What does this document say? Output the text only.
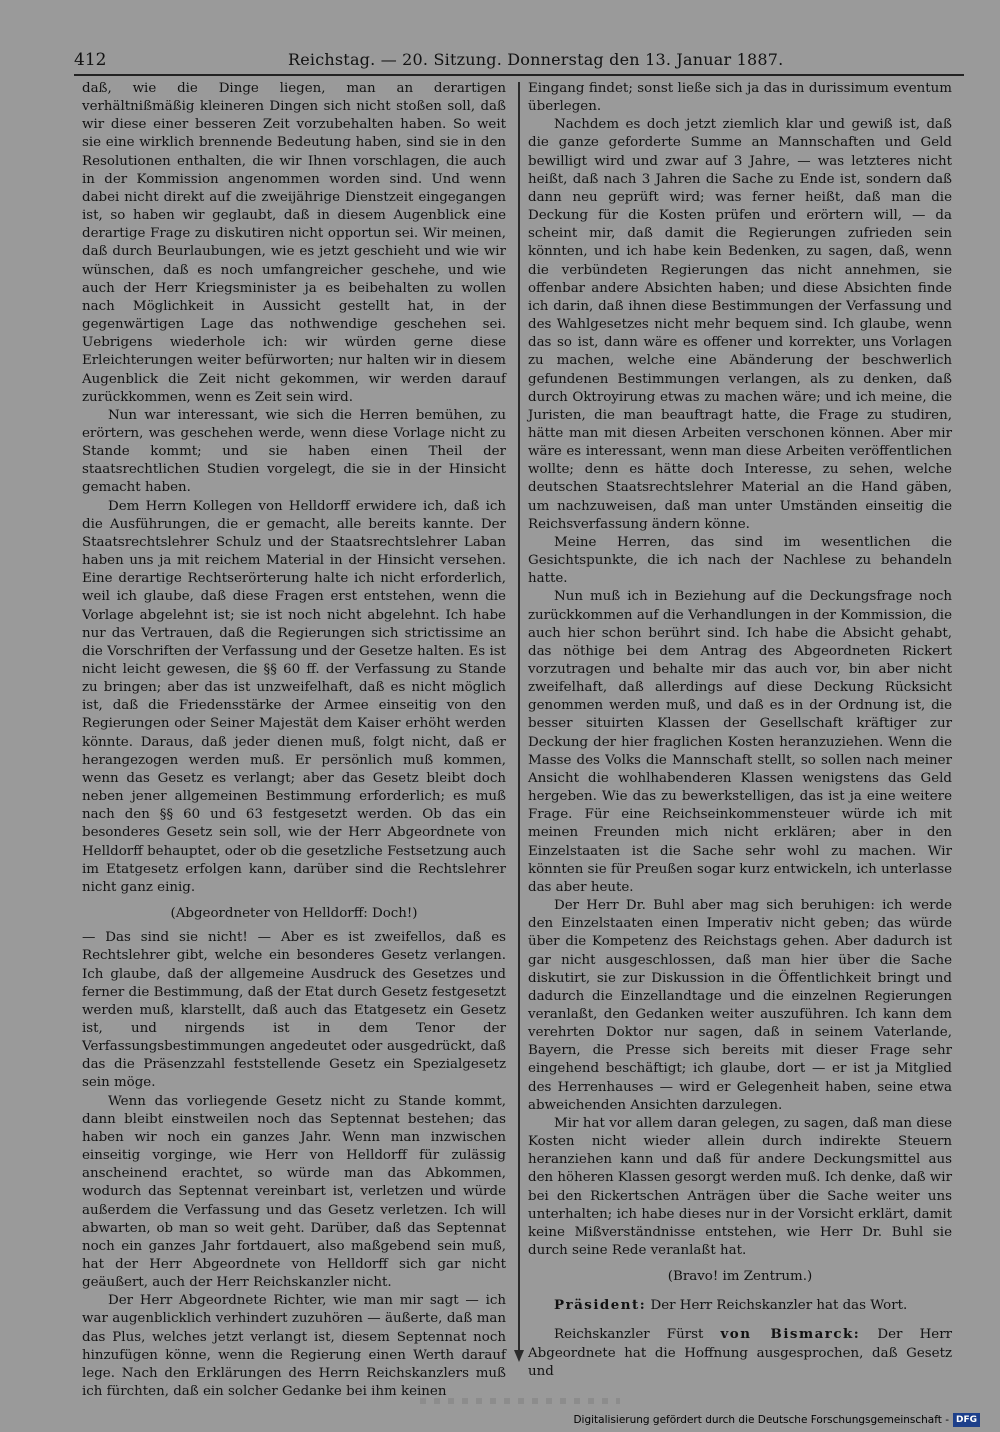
412	Reichstag. — 20. Sitzung. Donnerstag den 13. Januar 1887.

daß, wie die Dinge liegen, man an derartigen verhältnißmäßig kleineren Dingen sich nicht stoßen soll, daß wir diese einer besseren Zeit vorzubehalten haben. So weit sie eine wirklich brennende Bedeutung haben, sind sie in den Resolutionen enthalten, die wir Ihnen vorschlagen, die auch in der Kommission angenommen worden sind. Und wenn dabei nicht direkt auf die zweijährige Dienstzeit eingegangen ist, so haben wir geglaubt, daß in diesem Augenblick eine derartige Frage zu diskutiren nicht opportun sei. Wir meinen, daß durch Beurlaubungen, wie es jetzt geschieht und wie wir wünschen, daß es noch umfangreicher geschehe, und wie auch der Herr Kriegsminister ja es beibehalten zu wollen nach Möglichkeit in Aussicht gestellt hat, in der gegenwärtigen Lage das nothwendige geschehen sei. Uebrigens wiederhole ich: wir würden gerne diese Erleichterungen weiter befürworten; nur halten wir in diesem Augenblick die Zeit nicht gekommen, wir werden darauf zurückkommen, wenn es Zeit sein wird.

Nun war interessant, wie sich die Herren bemühen, zu erörtern, was geschehen werde, wenn diese Vorlage nicht zu Stande kommt; und sie haben einen Theil der staatsrechtlichen Studien vorgelegt, die sie in der Hinsicht gemacht haben.

Dem Herrn Kollegen von Helldorff erwidere ich, daß ich die Ausführungen, die er gemacht, alle bereits kannte. Der Staatsrechtslehrer Schulz und der Staatsrechtslehrer Laban haben uns ja mit reichem Material in der Hinsicht versehen. Eine derartige Rechtserörterung halte ich nicht erforderlich, weil ich glaube, daß diese Fragen erst entstehen, wenn die Vorlage abgelehnt ist; sie ist noch nicht abgelehnt. Ich habe nur das Vertrauen, daß die Regierungen sich strictissime an die Vorschriften der Verfassung und der Gesetze halten. Es ist nicht leicht gewesen, die §§ 60 ff. der Verfassung zu Stande zu bringen; aber das ist unzweifelhaft, daß es nicht möglich ist, daß die Friedensstärke der Armee einseitig von den Regierungen oder Seiner Majestät dem Kaiser erhöht werden könnte. Daraus, daß jeder dienen muß, folgt nicht, daß er herangezogen werden muß. Er persönlich muß kommen, wenn das Gesetz es verlangt; aber das Gesetz bleibt doch neben jener allgemeinen Bestimmung erforderlich; es muß nach den §§ 60 und 63 festgesetzt werden. Ob das ein besonderes Gesetz sein soll, wie der Herr Abgeordnete von Helldorff behauptet, oder ob die gesetzliche Festsetzung auch im Etatgesetz erfolgen kann, darüber sind die Rechtslehrer nicht ganz einig.

(Abgeordneter von Helldorff: Doch!)

— Das sind sie nicht! — Aber es ist zweifellos, daß es Rechtslehrer gibt, welche ein besonderes Gesetz verlangen. Ich glaube, daß der allgemeine Ausdruck des Gesetzes und ferner die Bestimmung, daß der Etat durch Gesetz festgesetzt werden muß, klarstellt, daß auch das Etatgesetz ein Gesetz ist, und nirgends ist in dem Tenor der Verfassungsbestimmungen angedeutet oder ausgedrückt, daß das die Präsenzzahl feststellende Gesetz ein Spezialgesetz sein möge.

Wenn das vorliegende Gesetz nicht zu Stande kommt, dann bleibt einstweilen noch das Septennat bestehen; das haben wir noch ein ganzes Jahr. Wenn man inzwischen einseitig vorginge, wie Herr von Helldorff für zulässig anscheinend erachtet, so würde man das Abkommen, wodurch das Septennat vereinbart ist, verletzen und würde außerdem die Verfassung und das Gesetz verletzen. Ich will abwarten, ob man so weit geht. Darüber, daß das Septennat noch ein ganzes Jahr fortdauert, also maßgebend sein muß, hat der Herr Abgeordnete von Helldorff sich gar nicht geäußert, auch der Herr Reichskanzler nicht.

Der Herr Abgeordnete Richter, wie man mir sagt — ich war augenblicklich verhindert zuzuhören — äußerte, daß man das Plus, welches jetzt verlangt ist, diesem Septennat noch hinzufügen könne, wenn die Regierung einen Werth darauf lege. Nach den Erklärungen des Herrn Reichskanzlers muß ich fürchten, daß ein solcher Gedanke bei ihm keinen

Eingang findet; sonst ließe sich ja das in durissimum eventum überlegen.

Nachdem es doch jetzt ziemlich klar und gewiß ist, daß die ganze geforderte Summe an Mannschaften und Geld bewilligt wird und zwar auf 3 Jahre, — was letzteres nicht heißt, daß nach 3 Jahren die Sache zu Ende ist, sondern daß dann neu geprüft wird; was ferner heißt, daß man die Deckung für die Kosten prüfen und erörtern will, — da scheint mir, daß damit die Regierungen zufrieden sein könnten, und ich habe kein Bedenken, zu sagen, daß, wenn die verbündeten Regierungen das nicht annehmen, sie offenbar andere Absichten haben; und diese Absichten finde ich darin, daß ihnen diese Bestimmungen der Verfassung und des Wahlgesetzes nicht mehr bequem sind. Ich glaube, wenn das so ist, dann wäre es offener und korrekter, uns Vorlagen zu machen, welche eine Abänderung der beschwerlich gefundenen Bestimmungen verlangen, als zu denken, daß durch Oktroyirung etwas zu machen wäre; und ich meine, die Juristen, die man beauftragt hatte, die Frage zu studiren, hätte man mit diesen Arbeiten verschonen können. Aber mir wäre es interessant, wenn man diese Arbeiten veröffentlichen wollte; denn es hätte doch Interesse, zu sehen, welche deutschen Staatsrechtslehrer Material an die Hand gäben, um nachzuweisen, daß man unter Umständen einseitig die Reichsverfassung ändern könne.

Meine Herren, das sind im wesentlichen die Gesichtspunkte, die ich nach der Nachlese zu behandeln hatte.

Nun muß ich in Beziehung auf die Deckungsfrage noch zurückkommen auf die Verhandlungen in der Kommission, die auch hier schon berührt sind. Ich habe die Absicht gehabt, das nöthige bei dem Antrag des Abgeordneten Rickert vorzutragen und behalte mir das auch vor, bin aber nicht zweifelhaft, daß allerdings auf diese Deckung Rücksicht genommen werden muß, und daß es in der Ordnung ist, die besser situirten Klassen der Gesellschaft kräftiger zur Deckung der hier fraglichen Kosten heranzuziehen. Wenn die Masse des Volks die Mannschaft stellt, so sollen nach meiner Ansicht die wohlhabenderen Klassen wenigstens das Geld hergeben. Wie das zu bewerkstelligen, das ist ja eine weitere Frage. Für eine Reichseinkommensteuer würde ich mit meinen Freunden mich nicht erklären; aber in den Einzelstaaten ist die Sache sehr wohl zu machen. Wir könnten sie für Preußen sogar kurz entwickeln, ich unterlasse das aber heute.

Der Herr Dr. Buhl aber mag sich beruhigen: ich werde den Einzelstaaten einen Imperativ nicht geben; das würde über die Kompetenz des Reichstags gehen. Aber dadurch ist gar nicht ausgeschlossen, daß man hier über die Sache diskutirt, sie zur Diskussion in die Öffentlichkeit bringt und dadurch die Einzellandtage und die einzelnen Regierungen veranlaßt, den Gedanken weiter auszuführen. Ich kann dem verehrten Doktor nur sagen, daß in seinem Vaterlande, Bayern, die Presse sich bereits mit dieser Frage sehr eingehend beschäftigt; ich glaube, dort — er ist ja Mitglied des Herrenhauses — wird er Gelegenheit haben, seine etwa abweichenden Ansichten darzulegen.

Mir hat vor allem daran gelegen, zu sagen, daß man diese Kosten nicht wieder allein durch indirekte Steuern heranziehen kann und daß für andere Deckungsmittel aus den höheren Klassen gesorgt werden muß. Ich denke, daß wir bei den Rickertschen Anträgen über die Sache weiter uns unterhalten; ich habe dieses nur in der Vorsicht erklärt, damit keine Mißverständnisse entstehen, wie Herr Dr. Buhl sie durch seine Rede veranlaßt hat.

(Bravo! im Zentrum.)

Präsident: Der Herr Reichskanzler hat das Wort.

Reichskanzler Fürst von Bismarck: Der Herr Abgeordnete hat die Hoffnung ausgesprochen, daß Gesetz und

Digitalisierung gefördert durch die Deutsche Forschungsgemeinschaft - DFG
